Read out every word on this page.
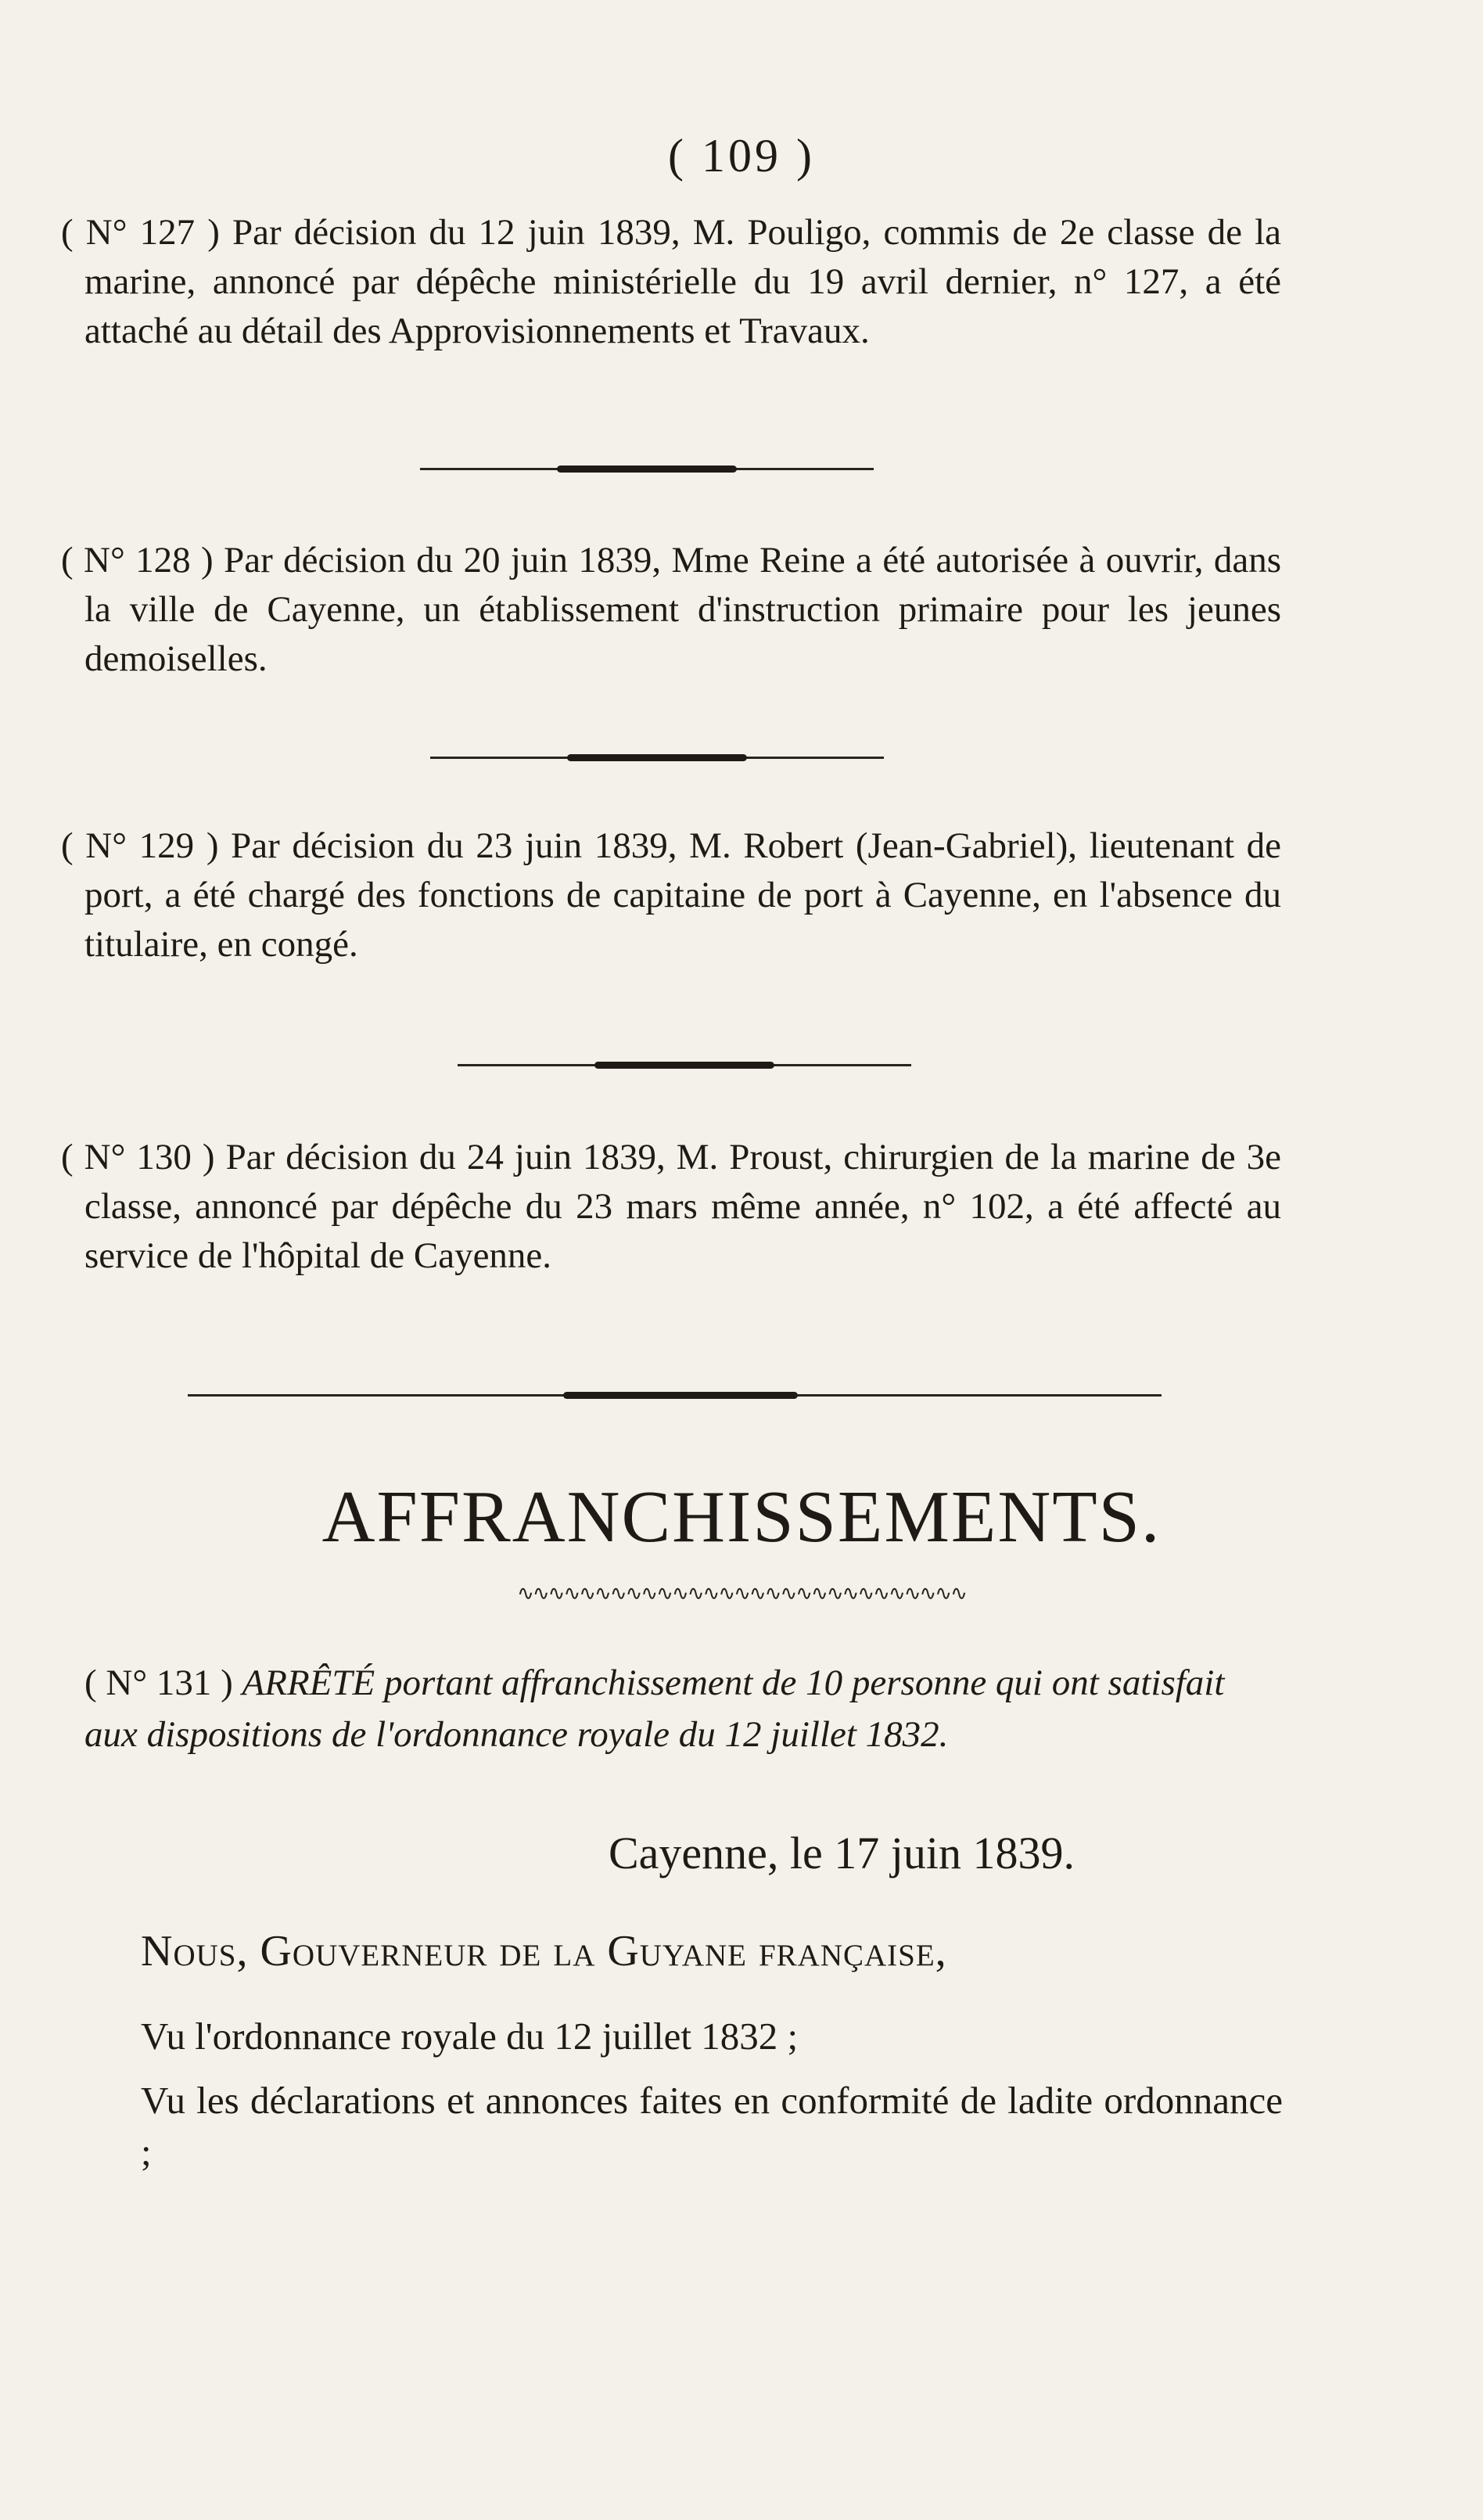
( 109 )
( N° 127 ) Par décision du 12 juin 1839, M. Pouligo, commis de 2e classe de la marine, annoncé par dépêche ministérielle du 19 avril dernier, n° 127, a été attaché au détail des Approvisionnements et Travaux.
( N° 128 ) Par décision du 20 juin 1839, Mme Reine a été autorisée à ouvrir, dans la ville de Cayenne, un établissement d'instruction primaire pour les jeunes demoiselles.
( N° 129 ) Par décision du 23 juin 1839, M. Robert (Jean-Gabriel), lieutenant de port, a été chargé des fonctions de capitaine de port à Cayenne, en l'absence du titulaire, en congé.
( N° 130 ) Par décision du 24 juin 1839, M. Proust, chirurgien de la marine de 3e classe, annoncé par dépêche du 23 mars même année, n° 102, a été affecté au service de l'hôpital de Cayenne.
AFFRANCHISSEMENTS.
∿∿∿∿∿∿∿∿∿∿∿∿∿∿∿∿∿∿∿∿∿∿∿∿∿∿∿∿∿
( N° 131 ) ARRÊTÉ portant affranchissement de 10 personne qui ont satisfait aux dispositions de l'ordonnance royale du 12 juillet 1832.
Cayenne, le 17 juin 1839.
Nous, Gouverneur de la Guyane française,
Vu l'ordonnance royale du 12 juillet 1832 ;
Vu les déclarations et annonces faites en conformité de ladite ordonnance ;
